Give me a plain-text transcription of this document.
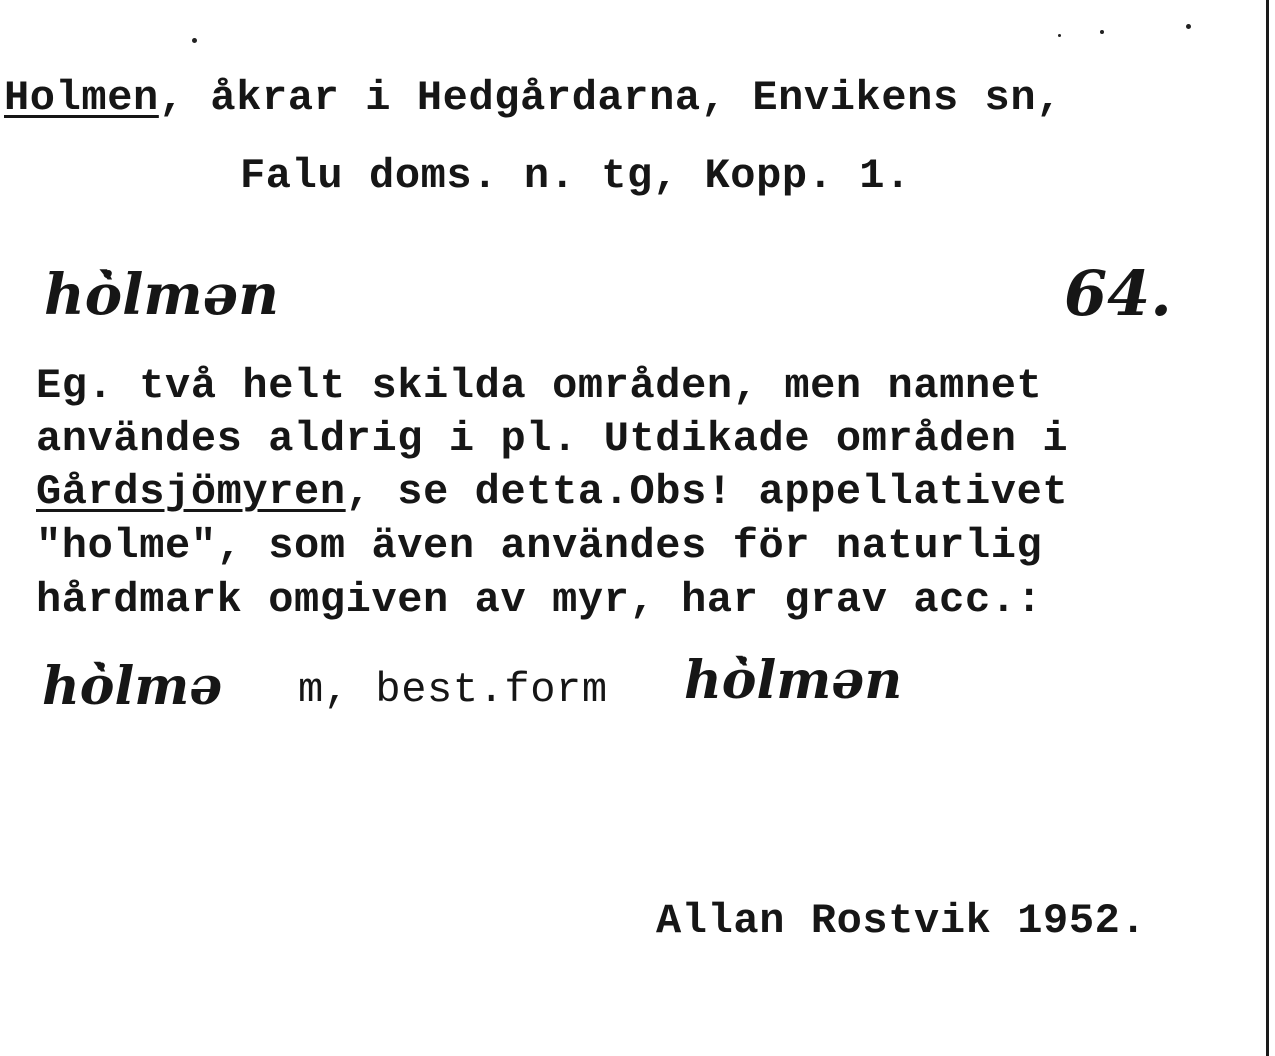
Holmen, åkrar i Hedgårdarna, Envikens sn,

Falu doms. n. tg, Kopp. 1.

hȯ̀lmən	64.

Eg. två helt skilda områden, men namnet

användes aldrig i pl. Utdikade områden i

Gårdsjömyren, se detta.Obs! appellativet

"holme", som även användes för naturlig

hårdmark omgiven av myr, har grav acc.:

hȯ̀lmə m, best.form hȯ̀lmən

Allan Rostvik 1952.
